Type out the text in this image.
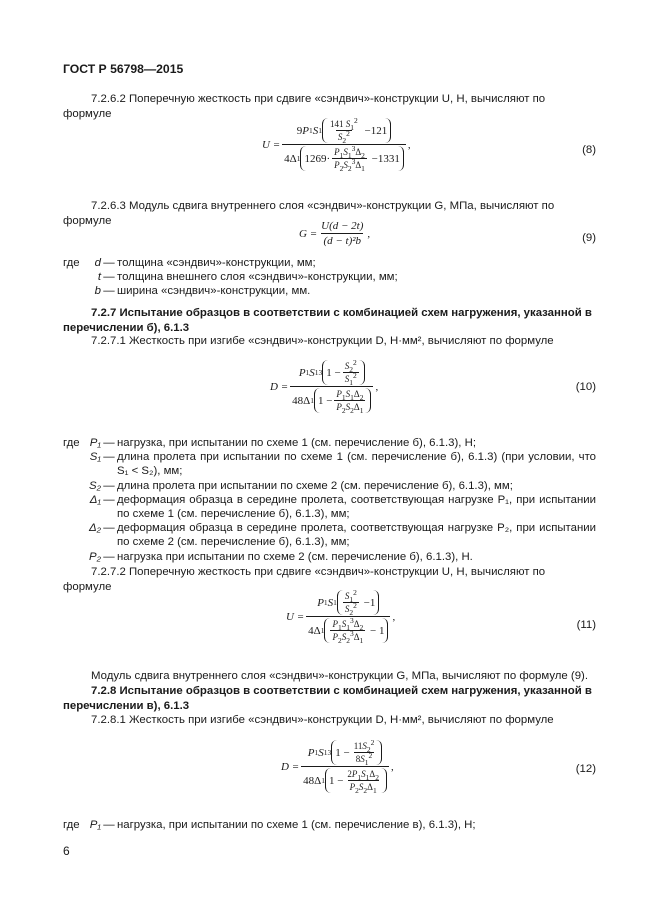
ГОСТ Р 56798—2015
7.2.6.2 Поперечную жесткость при сдвиге «сэндвич»-конструкции U, Н, вычисляют по формуле
$U = \frac{9 P 1 S 1 \frac{141 S_1^2}{S_2^2} - 121}{4 \Delta 1 1269 \cdot \frac{P_1S_1^3\Delta_2}{P_2S_2^3\Delta_1} - 1331}$ ,	(8)
7.2.6.3 Модуль сдвига внутреннего слоя «сэндвич»-конструкции G, МПа, вычисляют по формуле
$G = \frac{U(d - 2t)}{\text{(d − t)²b}}$ ,	(9)
где	d — толщина «сэндвич»-конструкции, мм;
t — толщина внешнего слоя «сэндвич»-конструкции, мм;
b — ширина «сэндвич»-конструкции, мм.
7.2.7 Испытание образцов в соответствии с комбинацией схем нагружения, указанной в перечислении б), 6.1.3
7.2.7.1 Жесткость при изгибе «сэндвич»-конструкции D, Н·мм², вычисляют по формуле
$D = \frac{P 1 S 1 3 1 - \frac{S_2^2}{S_1^2}}{48 \Delta 1 1 - \frac{P_1S_1\Delta_2}{P_2S_2\Delta_1}}$ ,	(10)
где P₁ — нагрузка, при испытании по схеме 1 (см. перечисление б), 6.1.3), Н;
S₁ — длина пролета при испытании по схеме 1 (см. перечисление б), 6.1.3) (при условии, что S₁ < S₂), мм;
S₂ — длина пролета при испытании по схеме 2 (см. перечисление б), 6.1.3), мм;
Δ₁ — деформация образца в середине пролета, соответствующая нагрузке P₁, при испытании по схеме 1 (см. перечисление б), 6.1.3), мм;
Δ₂ — деформация образца в середине пролета, соответствующая нагрузке P₂, при испытании по схеме 2 (см. перечисление б), 6.1.3), мм;
P₂ — нагрузка при испытании по схеме 2 (см. перечисление б), 6.1.3), Н.
7.2.7.2 Поперечную жесткость при сдвиге «сэндвич»-конструкции U, Н, вычисляют по формуле
$U = \frac{P 1 S 1 \frac{S_1^2}{S_2^2} - 1}{4 \Delta 1 \frac{P_1S_1^3\Delta_2}{P_2S_2^3\Delta_1} - 1}$ ,
(11)
Модуль сдвига внутреннего слоя «сэндвич»-конструкции G, МПа, вычисляют по формуле (9).
7.2.8 Испытание образцов в соответствии с комбинацией схем нагружения, указанной в перечислении в), 6.1.3
7.2.8.1 Жесткость при изгибе «сэндвич»-конструкции D, Н·мм², вычисляют по формуле
$D = \frac{P 1 S 1 3 1 - \frac{11S_2^2}{8S_1^2}}{48 \Delta 1 1 - \frac{2P_1S_1\Delta_2}{P_2S_2\Delta_1}}$ ,	(12)
где P₁ — нагрузка, при испытании по схеме 1 (см. перечисление в), 6.1.3), Н;
6
